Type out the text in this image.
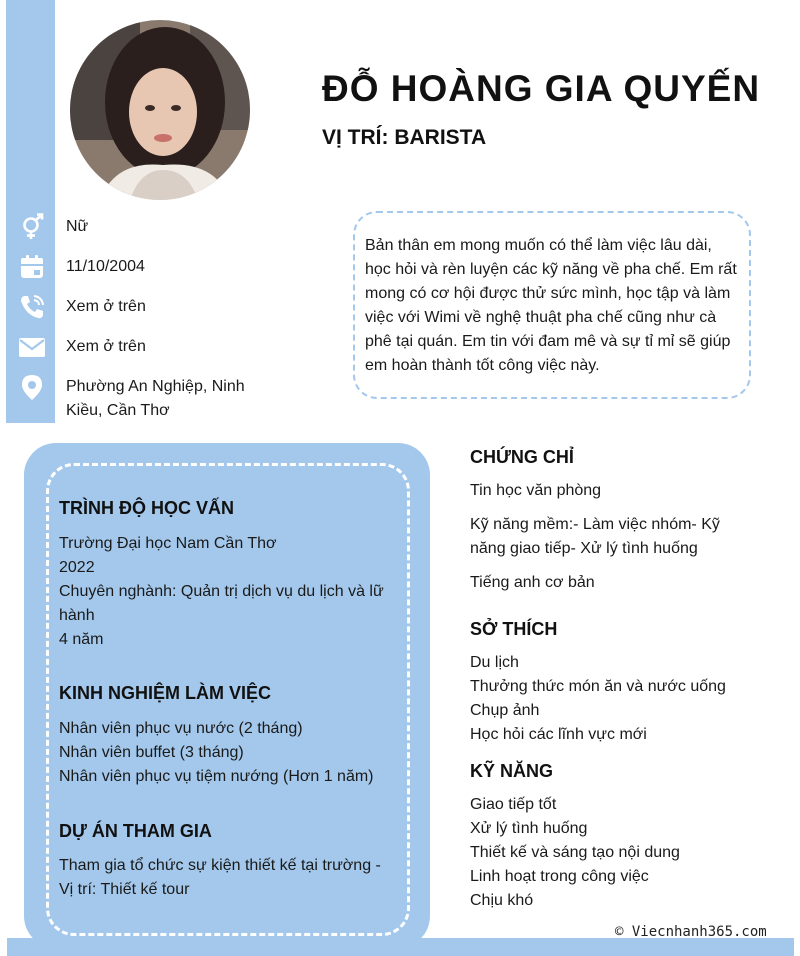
ĐỖ HOÀNG GIA QUYẾN
VỊ TRÍ: BARISTA
Nữ
11/10/2004
Xem ở trên
Xem ở trên
Phường An Nghiệp, Ninh Kiều, Cần Thơ
Bản thân em mong muốn có thể làm việc lâu dài, học hỏi và rèn luyện các kỹ năng về pha chế. Em rất mong có cơ hội được thử sức mình, học tập và làm việc với Wimi về nghệ thuật pha chế cũng như cà phê tại quán. Em tin với đam mê và sự tỉ mỉ sẽ giúp em hoàn thành tốt công việc này.
TRÌNH ĐỘ HỌC VẤN
Trường Đại học Nam Cần Thơ
2022
Chuyên nghành: Quản trị dịch vụ du lịch và lữ hành
4 năm
KINH NGHIỆM LÀM VIỆC
Nhân viên phục vụ nước (2 tháng)
Nhân viên buffet (3 tháng)
Nhân viên phục vụ tiệm nướng (Hơn 1 năm)
DỰ ÁN THAM GIA
Tham gia tổ chức sự kiện thiết kế tại trường - Vị trí: Thiết kế tour
CHỨNG CHỈ
Tin học văn phòng
Kỹ năng mềm:- Làm việc nhóm- Kỹ năng giao tiếp- Xử lý tình huống
Tiếng anh cơ bản
SỞ THÍCH
Du lịch
Thưởng thức món ăn và nước uống
Chụp ảnh
Học hỏi các lĩnh vực mới
KỸ NĂNG
Giao tiếp tốt
Xử lý tình huống
Thiết kế và sáng tạo nội dung
Linh hoạt trong công việc
Chịu khó
© Viecnhanh365.com
